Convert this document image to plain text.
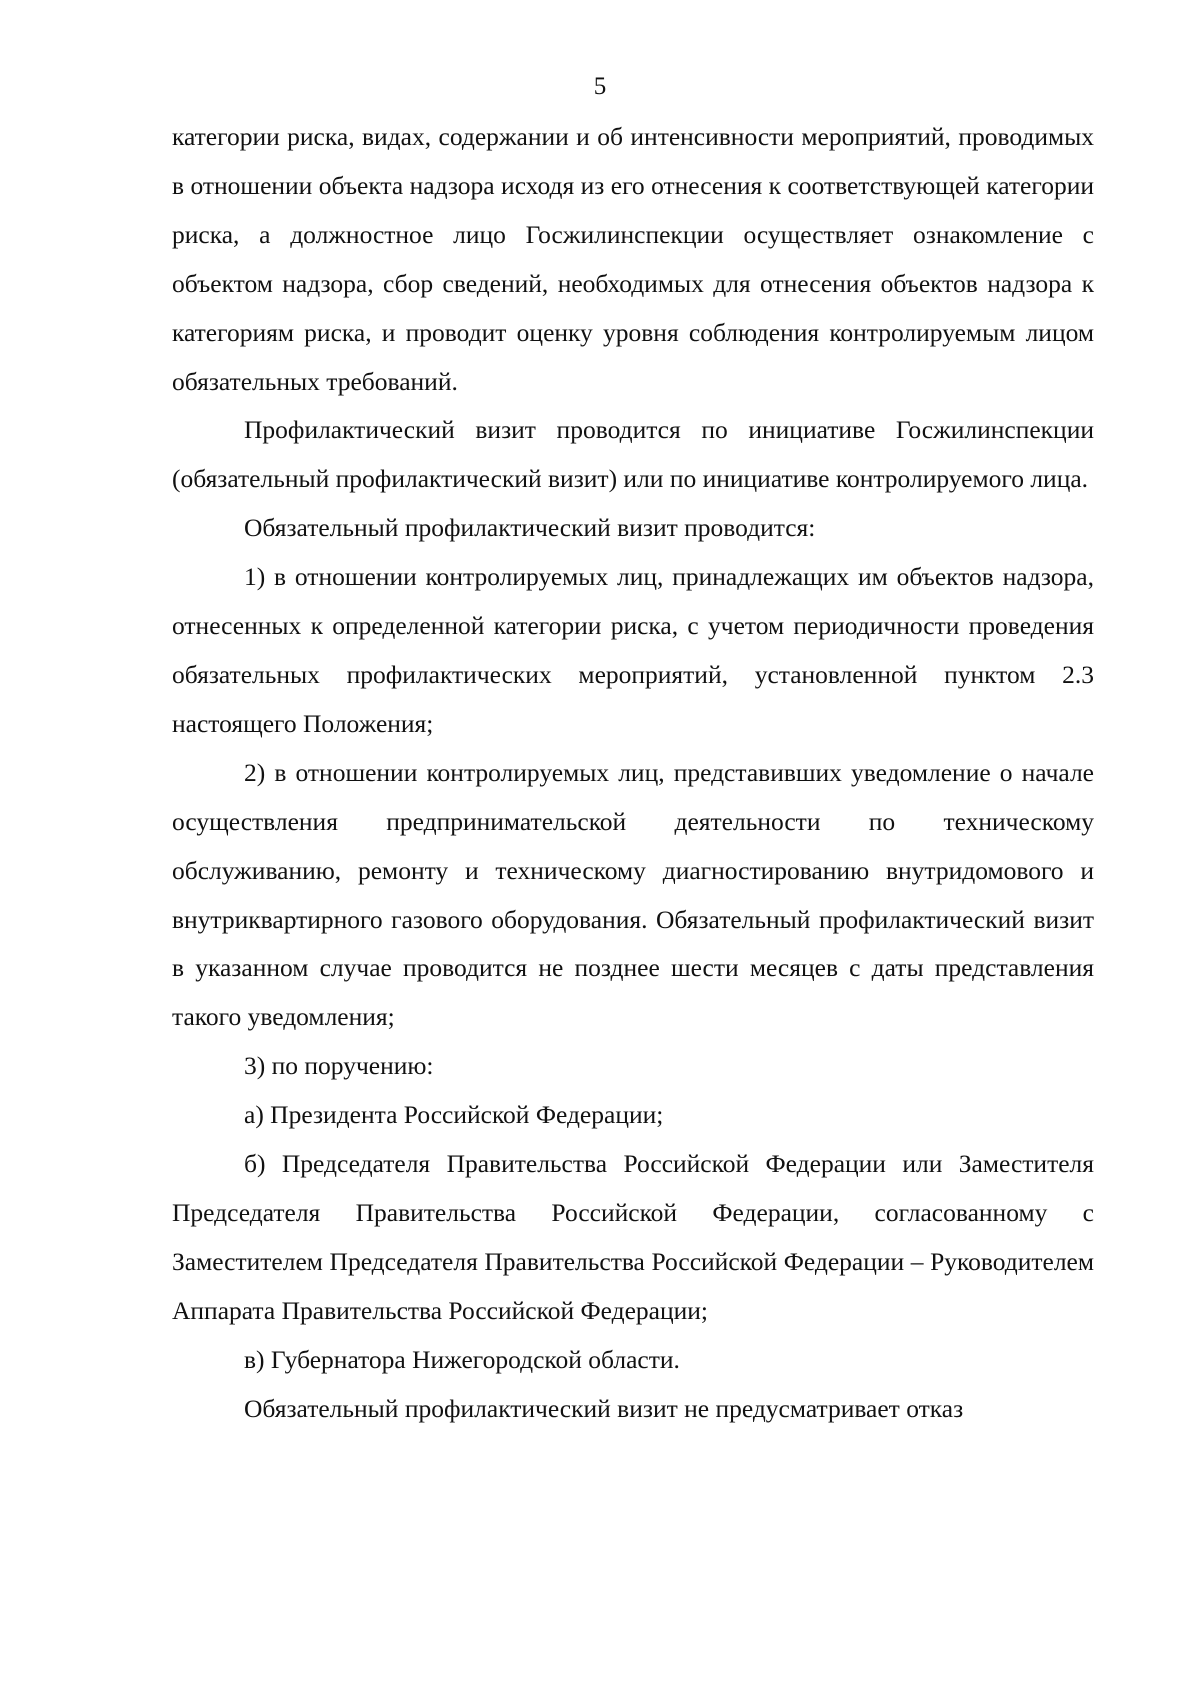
5

категории риска, видах, содержании и об интенсивности мероприятий, проводимых в отношении объекта надзора исходя из его отнесения к соответствующей категории риска, а должностное лицо Госжилинспекции осуществляет ознакомление с объектом надзора, сбор сведений, необходимых для отнесения объектов надзора к категориям риска, и проводит оценку уровня соблюдения контролируемым лицом обязательных требований.

Профилактический визит проводится по инициативе Госжилинспекции (обязательный профилактический визит) или по инициативе контролируемого лица.

Обязательный профилактический визит проводится:

1) в отношении контролируемых лиц, принадлежащих им объектов надзора, отнесенных к определенной категории риска, с учетом периодичности проведения обязательных профилактических мероприятий, установленной пунктом 2.3 настоящего Положения;

2) в отношении контролируемых лиц, представивших уведомление о начале осуществления предпринимательской деятельности по техническому обслуживанию, ремонту и техническому диагностированию внутридомового и внутриквартирного газового оборудования. Обязательный профилактический визит в указанном случае проводится не позднее шести месяцев с даты представления такого уведомления;

3) по поручению:

а) Президента Российской Федерации;

б) Председателя Правительства Российской Федерации или Заместителя Председателя Правительства Российской Федерации, согласованному с Заместителем Председателя Правительства Российской Федерации – Руководителем Аппарата Правительства Российской Федерации;

в) Губернатора Нижегородской области.

Обязательный профилактический визит не предусматривает отказ
